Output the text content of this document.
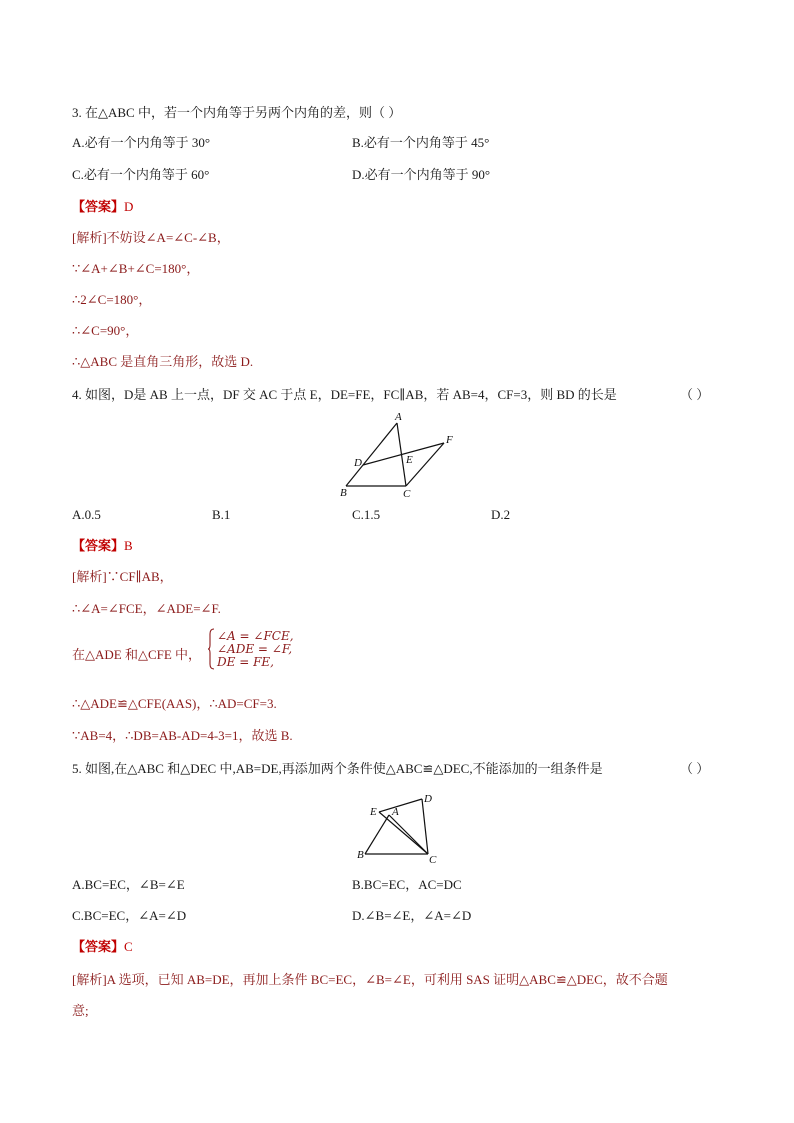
3. 在△ABC 中，若一个内角等于另两个内角的差，则（ ）
A.必有一个内角等于 30°	B.必有一个内角等于 45°
C.必有一个内角等于 60°	D.必有一个内角等于 90°
【答案】D
[解析]不妨设∠A=∠C-∠B，
∵∠A+∠B+∠C=180°，
∴2∠C=180°，
∴∠C=90°，
∴△ABC 是直角三角形，故选 D.
4. 如图，D是 AB 上一点，DF 交 AC 于点 E，DE=FE，FC∥AB，若 AB=4，CF=3，则 BD 的长是	（ ）
A
B	C
D	E
F
A.0.5	B.1	C.1.5	D.2
【答案】B
[解析]∵CF∥AB，
∴∠A=∠FCE，∠ADE=∠F.
在△ADE 和△CFE 中，
∠A = ∠FCE,
∠ADE = ∠F,
DE = FE,
∴△ADE≌△CFE(AAS)，∴AD=CF=3.
∵AB=4，∴DB=AB-AD=4-3=1，故选 B.
5. 如图,在△ABC 和△DEC 中,AB=DE,再添加两个条件使△ABC≌△DEC,不能添加的一组条件是	（ ）
A
B	C
D
E
A.BC=EC，∠B=∠E	B.BC=EC，AC=DC
C.BC=EC，∠A=∠D	D.∠B=∠E，∠A=∠D
【答案】C
[解析]A 选项，已知 AB=DE，再加上条件 BC=EC，∠B=∠E，可利用 SAS 证明△ABC≌△DEC，故不合题
意;
